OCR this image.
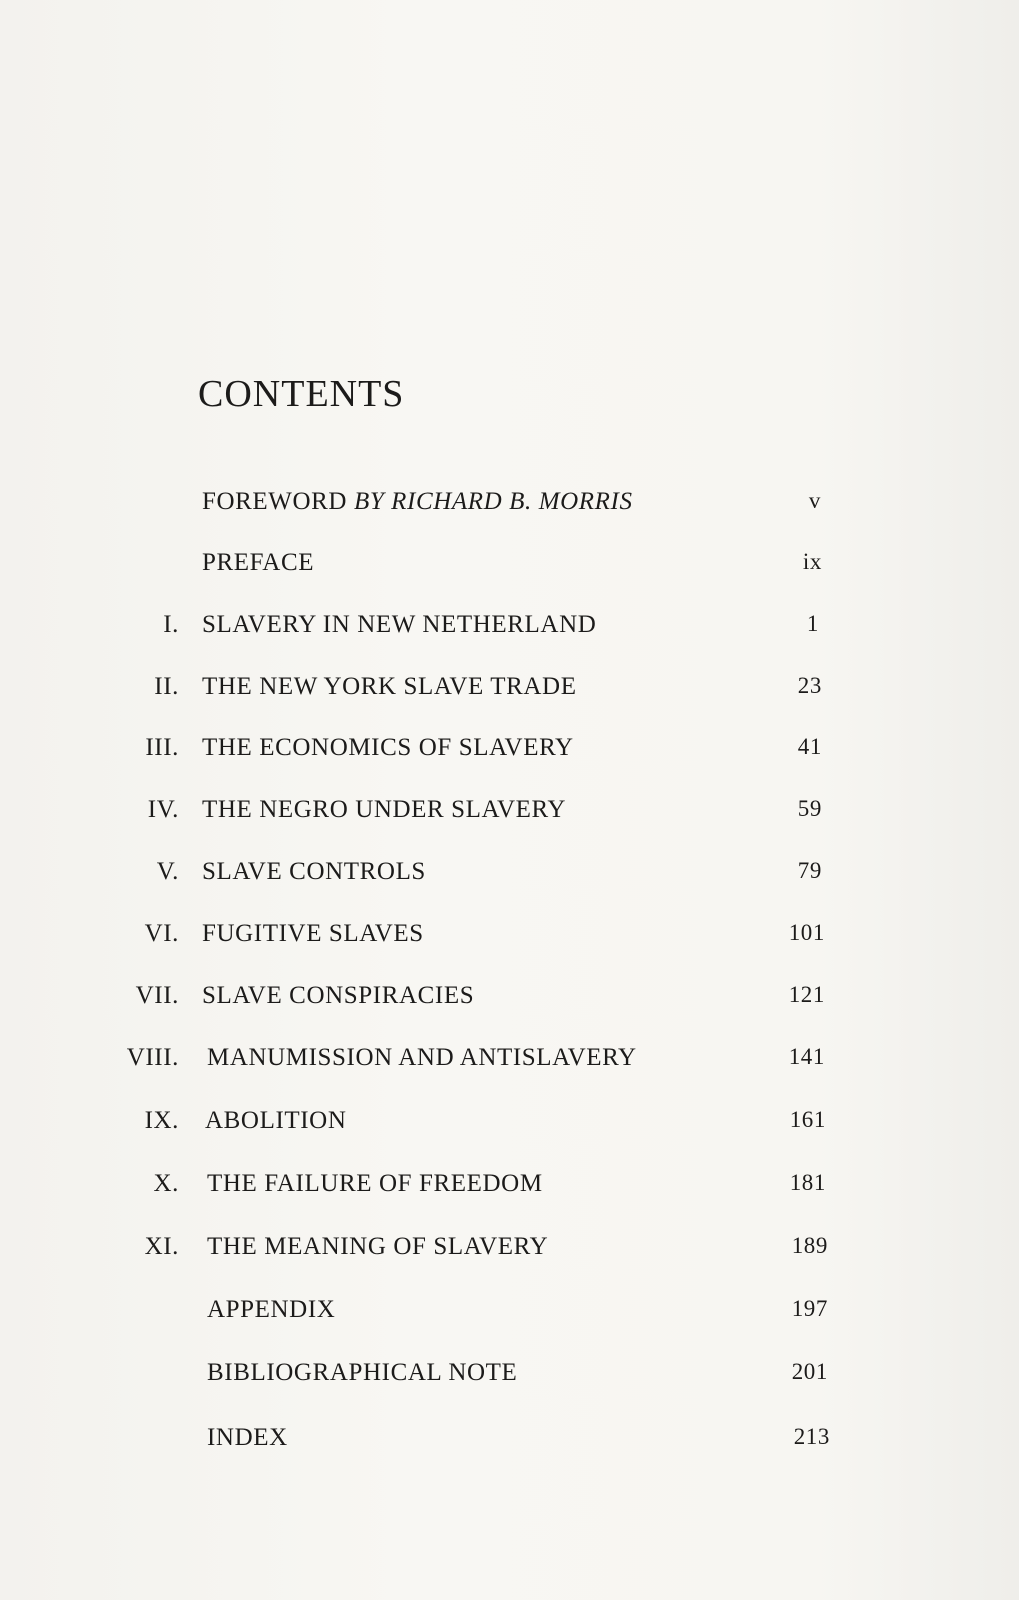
CONTENTS
FOREWORD BY RICHARD B. MORRIS	v
PREFACE	ix
I. SLAVERY IN NEW NETHERLAND	1
II. THE NEW YORK SLAVE TRADE	23
III. THE ECONOMICS OF SLAVERY	41
IV. THE NEGRO UNDER SLAVERY	59
V. SLAVE CONTROLS	79
VI. FUGITIVE SLAVES	101
VII. SLAVE CONSPIRACIES	121
VIII. MANUMISSION AND ANTISLAVERY	141
IX. ABOLITION	161
X. THE FAILURE OF FREEDOM	181
XI. THE MEANING OF SLAVERY	189
APPENDIX	197
BIBLIOGRAPHICAL NOTE	201
INDEX	213
